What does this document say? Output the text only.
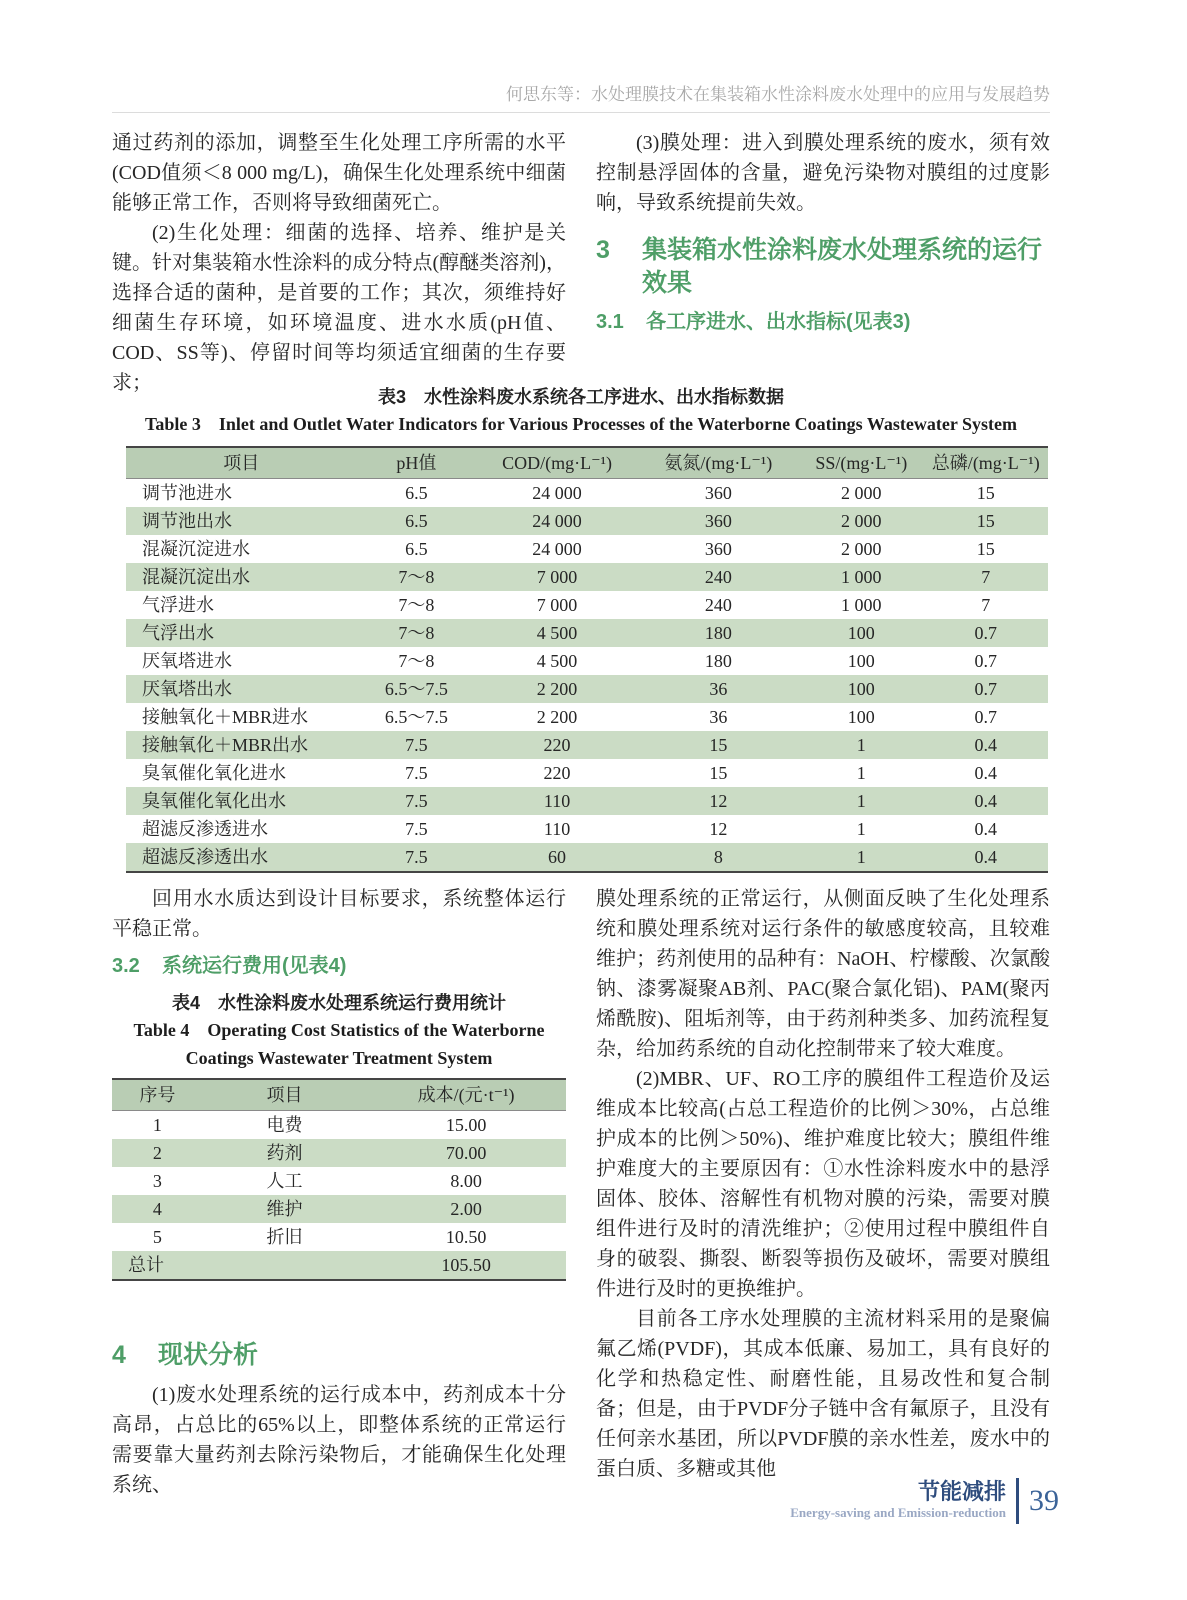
何思东等：水处理膜技术在集装箱水性涂料废水处理中的应用与发展趋势

通过药剂的添加，调整至生化处理工序所需的水平(COD值须＜8 000 mg/L)，确保生化处理系统中细菌能够正常工作，否则将导致细菌死亡。

(2)生化处理：细菌的选择、培养、维护是关键。针对集装箱水性涂料的成分特点(醇醚类溶剂)，选择合适的菌种，是首要的工作；其次，须维持好细菌生存环境，如环境温度、进水水质(pH值、COD、SS等)、停留时间等均须适宜细菌的生存要求；

(3)膜处理：进入到膜处理系统的废水，须有效控制悬浮固体的含量，避免污染物对膜组的过度影响，导致系统提前失效。

3	集装箱水性涂料废水处理系统的运行效果
3.1	各工序进水、出水指标(见表3)
表3　水性涂料废水系统各工序进水、出水指标数据
Table 3　Inlet and Outlet Water Indicators for Various Processes of the Waterborne Coatings Wastewater System
项目	pH值	COD/(mg·L⁻¹)	氨氮/(mg·L⁻¹)	SS/(mg·L⁻¹)	总磷/(mg·L⁻¹)
调节池进水	6.5	24 000	360	2 000	15
调节池出水	6.5	24 000	360	2 000	15
混凝沉淀进水	6.5	24 000	360	2 000	15
混凝沉淀出水	7～8	7 000	240	1 000	7
气浮进水	7～8	7 000	240	1 000	7
气浮出水	7～8	4 500	180	100	0.7
厌氧塔进水	7～8	4 500	180	100	0.7
厌氧塔出水	6.5～7.5	2 200	36	100	0.7
接触氧化＋MBR进水	6.5～7.5	2 200	36	100	0.7
接触氧化＋MBR出水	7.5	220	15	1	0.4
臭氧催化氧化进水	7.5	220	15	1	0.4
臭氧催化氧化出水	7.5	110	12	1	0.4
超滤反渗透进水	7.5	110	12	1	0.4
超滤反渗透出水	7.5	60	8	1	0.4

回用水水质达到设计目标要求，系统整体运行平稳正常。

3.2	系统运行费用(见表4)
表4　水性涂料废水处理系统运行费用统计
Table 4　Operating Cost Statistics of the Waterborne Coatings Wastewater Treatment System
序号	项目	成本/(元·t⁻¹)
1	电费	15.00
2	药剂	70.00
3	人工	8.00
4	维护	2.00
5	折旧	10.50
总计		105.50
4	现状分析

(1)废水处理系统的运行成本中，药剂成本十分高昂，占总比的65%以上，即整体系统的正常运行需要靠大量药剂去除污染物后，才能确保生化处理系统、

膜处理系统的正常运行，从侧面反映了生化处理系统和膜处理系统对运行条件的敏感度较高，且较难维护；药剂使用的品种有：NaOH、柠檬酸、次氯酸钠、漆雾凝聚AB剂、PAC(聚合氯化铝)、PAM(聚丙烯酰胺)、阻垢剂等，由于药剂种类多、加药流程复杂，给加药系统的自动化控制带来了较大难度。

(2)MBR、UF、RO工序的膜组件工程造价及运维成本比较高(占总工程造价的比例＞30%，占总维护成本的比例＞50%)、维护难度比较大；膜组件维护难度大的主要原因有：①水性涂料废水中的悬浮固体、胶体、溶解性有机物对膜的污染，需要对膜组件进行及时的清洗维护；②使用过程中膜组件自身的破裂、撕裂、断裂等损伤及破坏，需要对膜组件进行及时的更换维护。

目前各工序水处理膜的主流材料采用的是聚偏氟乙烯(PVDF)，其成本低廉、易加工，具有良好的化学和热稳定性、耐磨性能，且易改性和复合制备；但是，由于PVDF分子链中含有氟原子，且没有任何亲水基团，所以PVDF膜的亲水性差，废水中的蛋白质、多糖或其他

节能减排
Energy-saving and Emission-reduction 39
